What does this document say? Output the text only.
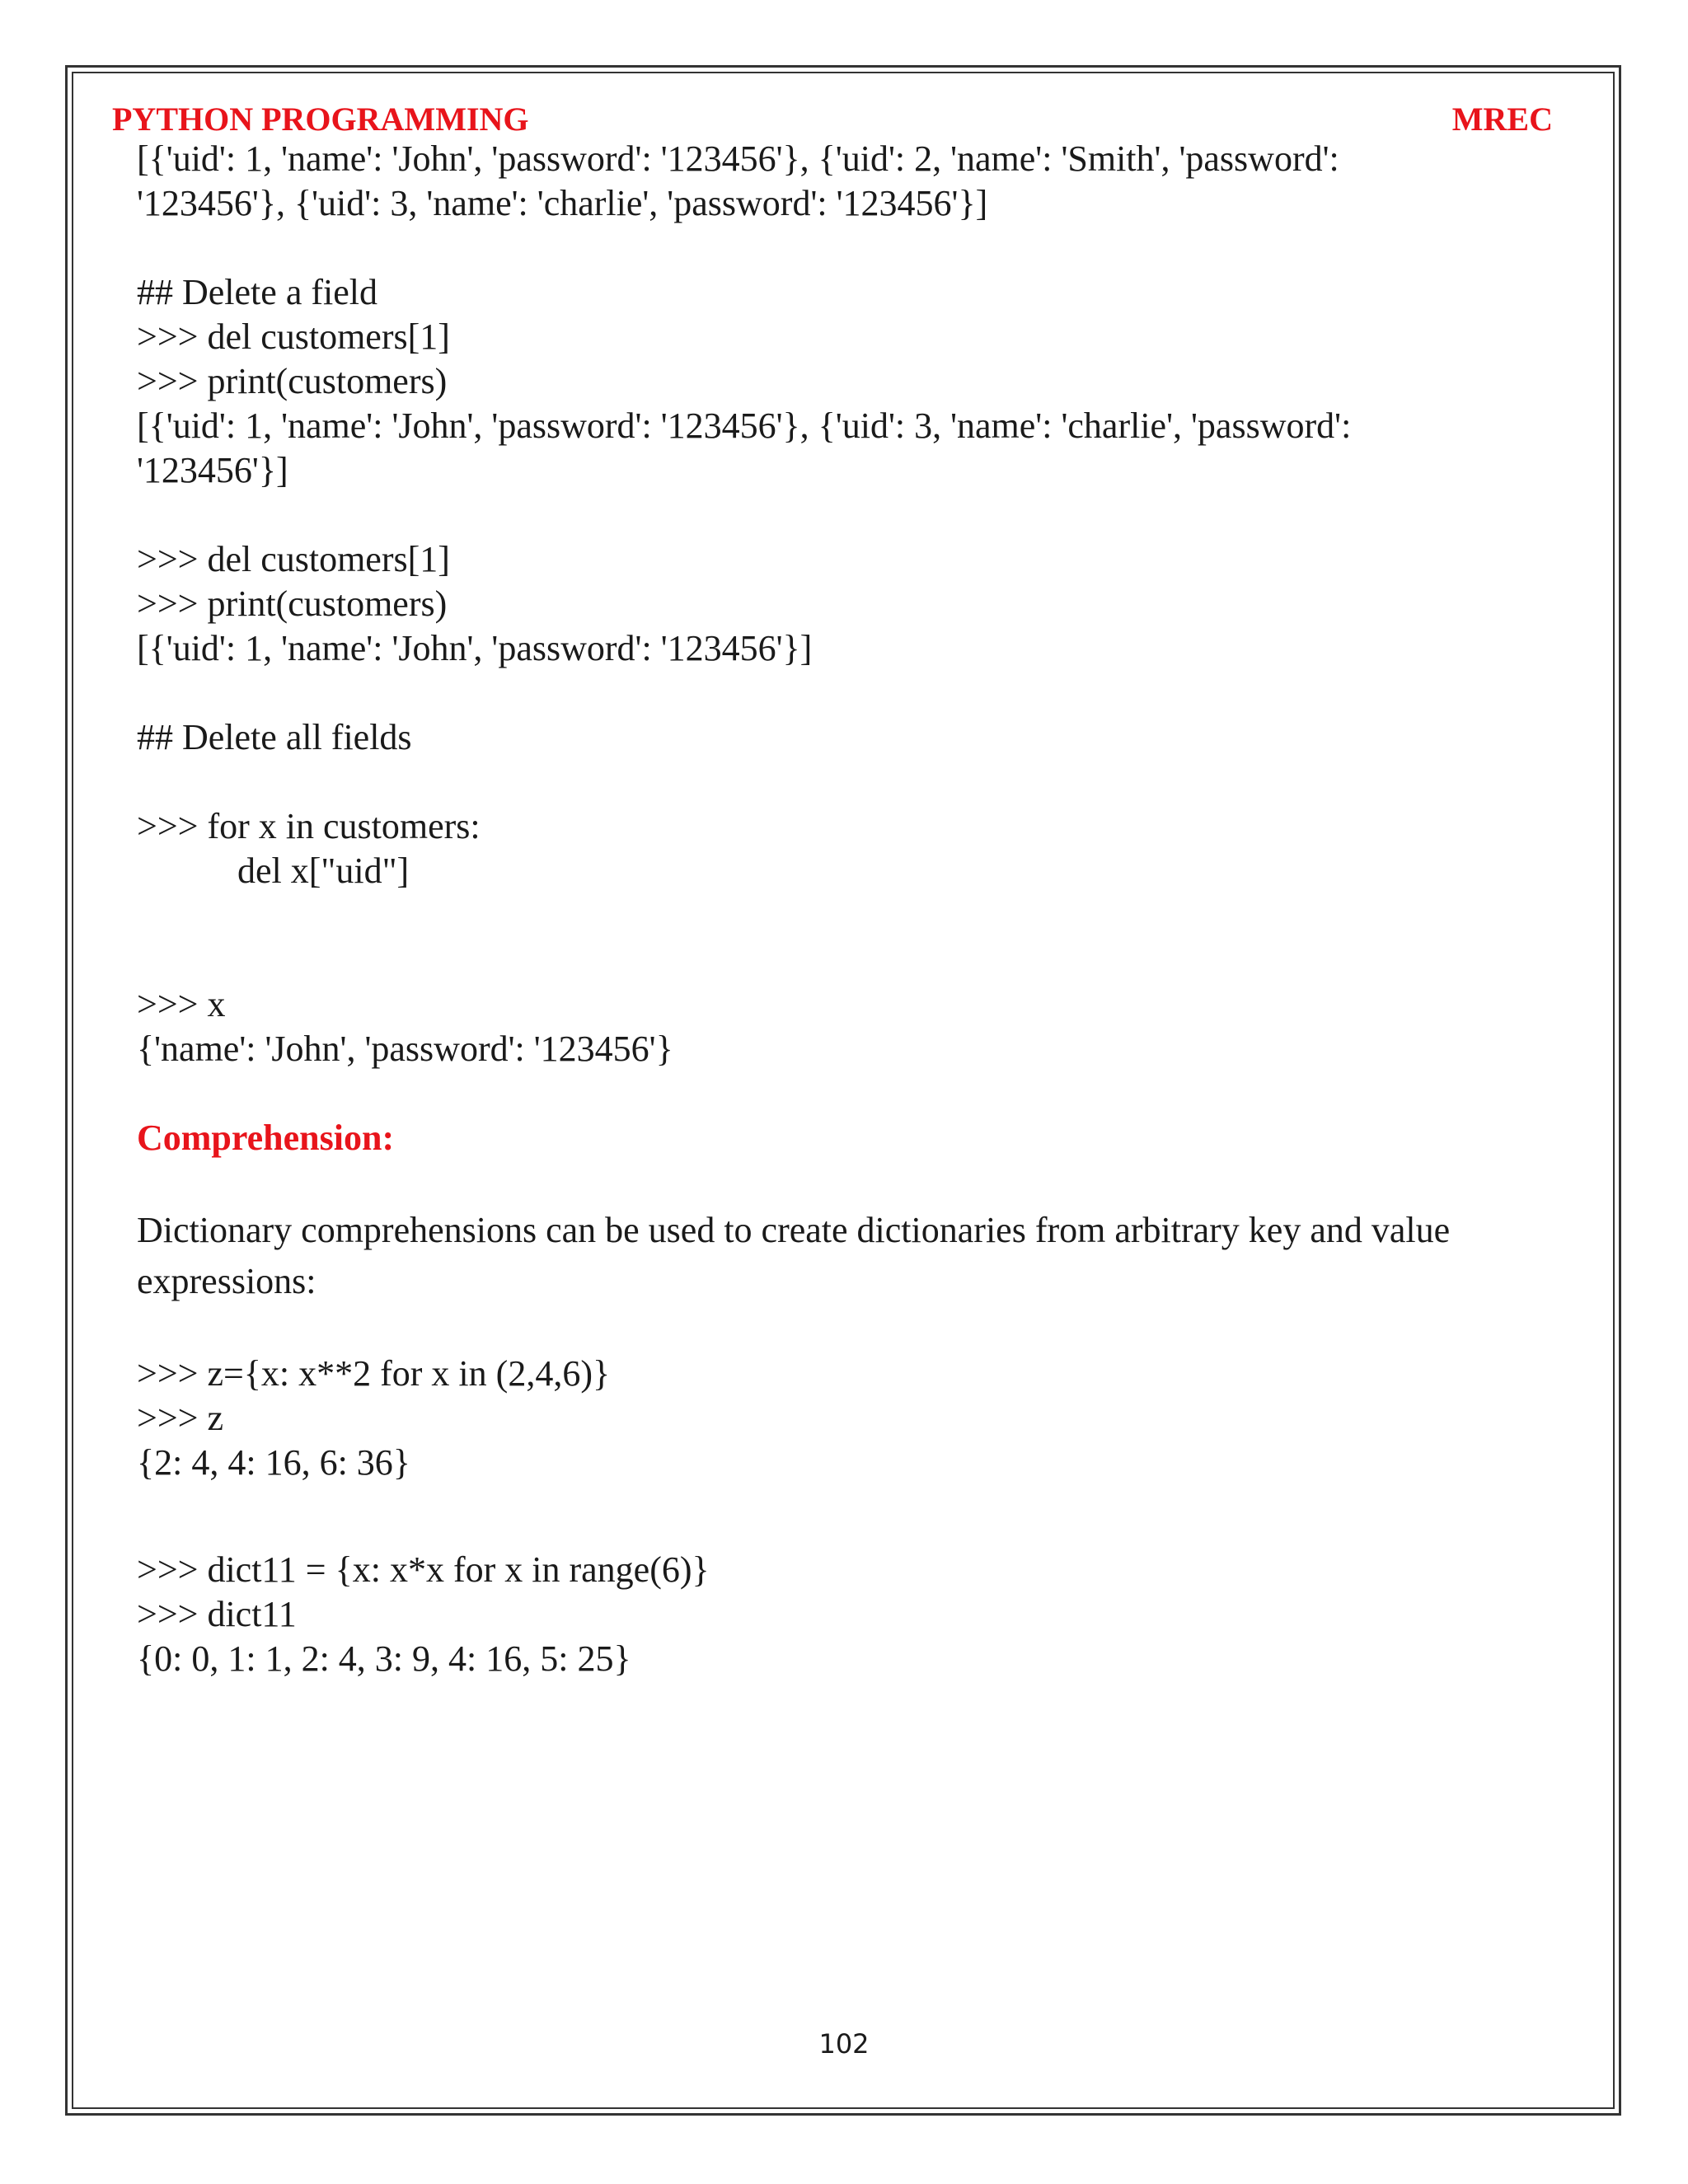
PYTHON PROGRAMMING	MREC
[{'uid': 1, 'name': 'John', 'password': '123456'}, {'uid': 2, 'name': 'Smith', 'password':
'123456'}, {'uid': 3, 'name': 'charlie', 'password': '123456'}]
## Delete a field
>>> del customers[1]
>>> print(customers)
[{'uid': 1, 'name': 'John', 'password': '123456'}, {'uid': 3, 'name': 'charlie', 'password':
'123456'}]
>>> del customers[1]
>>> print(customers)
[{'uid': 1, 'name': 'John', 'password': '123456'}]
## Delete all fields
>>> for x in customers:
del x["uid"]
>>> x
{'name': 'John', 'password': '123456'}
Comprehension:
Dictionary comprehensions can be used to create dictionaries from arbitrary key and value expressions:
>>> z={x: x**2 for x in (2,4,6)}
>>> z
{2: 4, 4: 16, 6: 36}
>>> dict11 = {x: x*x for x in range(6)}
>>> dict11
{0: 0, 1: 1, 2: 4, 3: 9, 4: 16, 5: 25}
102
